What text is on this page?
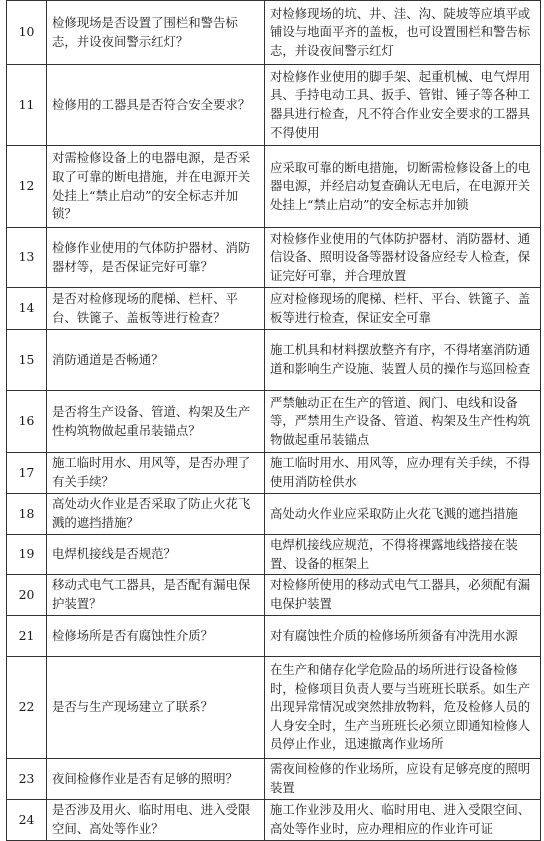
10	检修现场是否设置了围栏和警告标志，并设夜间警示红灯？	对检修现场的坑、井、洼、沟、陡坡等应填平或铺设与地面平齐的盖板，也可设置围栏和警告标志，并设夜间警示红灯
11	检修用的工器具是否符合安全要求？	对检修作业使用的脚手架、起重机械、电气焊用具、手持电动工具、扳手、管钳、锤子等各种工器具进行检查，凡不符合作业安全要求的工器具不得使用
12	对需检修设备上的电器电源，是否采取了可靠的断电措施，并在电源开关处挂上“禁止启动”的安全标志并加锁？	应采取可靠的断电措施，切断需检修设备上的电器电源，并经启动复查确认无电后，在电源开关处挂上“禁止启动”的安全标志并加锁
13	检修作业使用的气体防护器材、消防器材等，是否保证完好可靠？	对检修作业使用的气体防护器材、消防器材、通信设备、照明设备等器材设备应经专人检查，保证完好可靠，并合理放置
14	是否对检修现场的爬梯、栏杆、平台、铁篦子、盖板等进行检查？	应对检修现场的爬梯、栏杆、平台、铁篦子、盖板等进行检查，保证安全可靠
15	消防通道是否畅通？	施工机具和材料摆放整齐有序，不得堵塞消防通道和影响生产设施、装置人员的操作与巡回检查
16	是否将生产设备、管道、构架及生产性构筑物做起重吊装锚点？	严禁触动正在生产的管道、阀门、电线和设备等，严禁用生产设备、管道、构架及生产性构筑物做起重吊装锚点
17	施工临时用水、用风等，是否办理了有关手续？	施工临时用水、用风等，应办理有关手续，不得使用消防栓供水
18	高处动火作业是否采取了防止火花飞溅的遮挡措施？	高处动火作业应采取防止火花飞溅的遮挡措施
19	电焊机接线是否规范？	电焊机接线应规范，不得将裸露地线搭接在装置、设备的框架上
20	移动式电气工器具，是否配有漏电保护装置？	对检修所使用的移动式电气工器具，必须配有漏电保护装置
21	检修场所是否有腐蚀性介质？	对有腐蚀性介质的检修场所须备有冲洗用水源
22	是否与生产现场建立了联系？	在生产和储存化学危险品的场所进行设备检修时，检修项目负责人要与当班班长联系。如生产出现异常情况或突然排放物料，危及检修人员的人身安全时，生产当班班长必须立即通知检修人员停止作业，迅速撤离作业场所
23	夜间检修作业是否有足够的照明？	需夜间检修的作业场所，应设有足够亮度的照明装置
24	是否涉及用火、临时用电、进入受限空间、高处等作业？	施工作业涉及用火、临时用电、进入受限空间、高处等作业时，应办理相应的作业许可证
